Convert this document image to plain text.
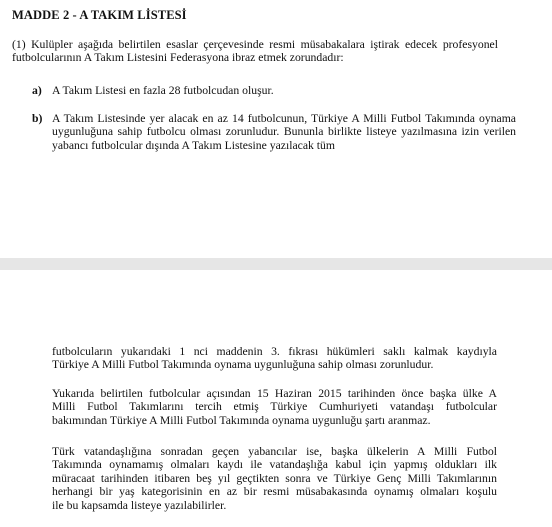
MADDE 2 - A TAKIM LİSTESİ
(1) Kulüpler aşağıda belirtilen esaslar çerçevesinde resmi müsabakalara iştirak edecek profesyonel futbolcularının A Takım Listesini Federasyona ibraz etmek zorundadır:
a) A Takım Listesi en fazla 28 futbolcudan oluşur.
b) A Takım Listesinde yer alacak en az 14 futbolcunun, Türkiye A Milli Futbol Takımında oynama uygunluğuna sahip futbolcu olması zorunludur. Bununla birlikte listeye yazılmasına izin verilen yabancı futbolcular dışında A Takım Listesine yazılacak tüm
futbolcuların yukarıdaki 1 nci maddenin 3. fıkrası hükümleri saklı kalmak kaydıyla
Türkiye A Milli Futbol Takımında oynama uygunluğuna sahip olması zorunludur.
Yukarıda belirtilen futbolcular açısından 15 Haziran 2015 tarihinden önce başka ülke A
Milli Futbol Takımlarını tercih etmiş Türkiye Cumhuriyeti vatandaşı futbolcular
bakımından Türkiye A Milli Futbol Takımında oynama uygunluğu şartı aranmaz.
Türk vatandaşlığına sonradan geçen yabancılar ise, başka ülkelerin A Milli Futbol
Takımında oynamamış olmaları kaydı ile vatandaşlığa kabul için yapmış oldukları ilk
müracaat tarihinden itibaren beş yıl geçtikten sonra ve Türkiye Genç Milli Takımlarının
herhangi bir yaş kategorisinin en az bir resmi müsabakasında oynamış olmaları koşulu
ile bu kapsamda listeye yazılabilirler.
